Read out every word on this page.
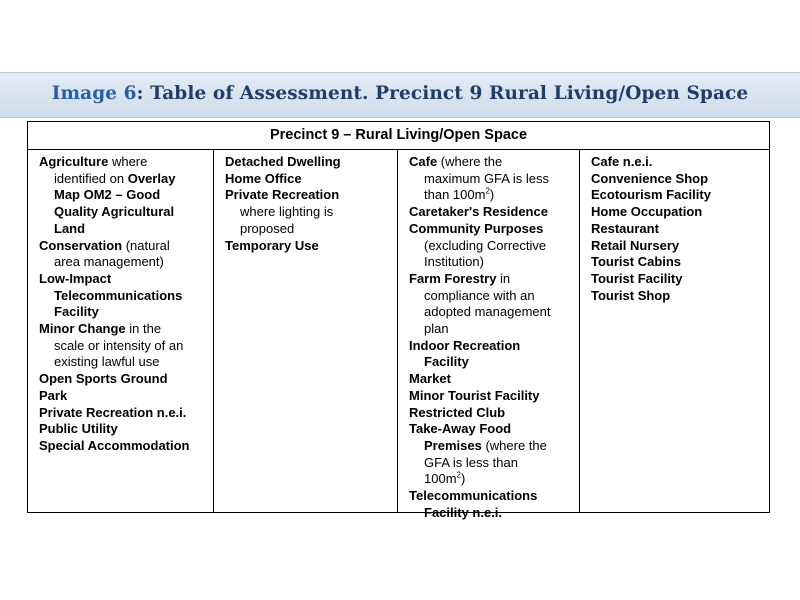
Image 6: Table of Assessment. Precinct 9 Rural Living/Open Space
Precinct 9 – Rural Living/Open Space
Agriculture where
identified on Overlay
Map OM2 – Good
Quality Agricultural
Land
Conservation (natural
area management)
Low-Impact
Telecommunications
Facility
Minor Change in the
scale or intensity of an
existing lawful use
Open Sports Ground
Park
Private Recreation n.e.i.
Public Utility
Special Accommodation
Detached Dwelling
Home Office
Private Recreation
where lighting is
proposed
Temporary Use
Cafe (where the
maximum GFA is less
than $100m^2$)
Caretaker's Residence
Community Purposes
(excluding Corrective
Institution)
Farm Forestry in
compliance with an
adopted management
plan
Indoor Recreation
Facility
Market
Minor Tourist Facility
Restricted Club
Take-Away Food
Premises (where the
GFA is less than
$100m^2$)
Telecommunications
Facility n.e.i.
Cafe n.e.i.
Convenience Shop
Ecotourism Facility
Home Occupation
Restaurant
Retail Nursery
Tourist Cabins
Tourist Facility
Tourist Shop
